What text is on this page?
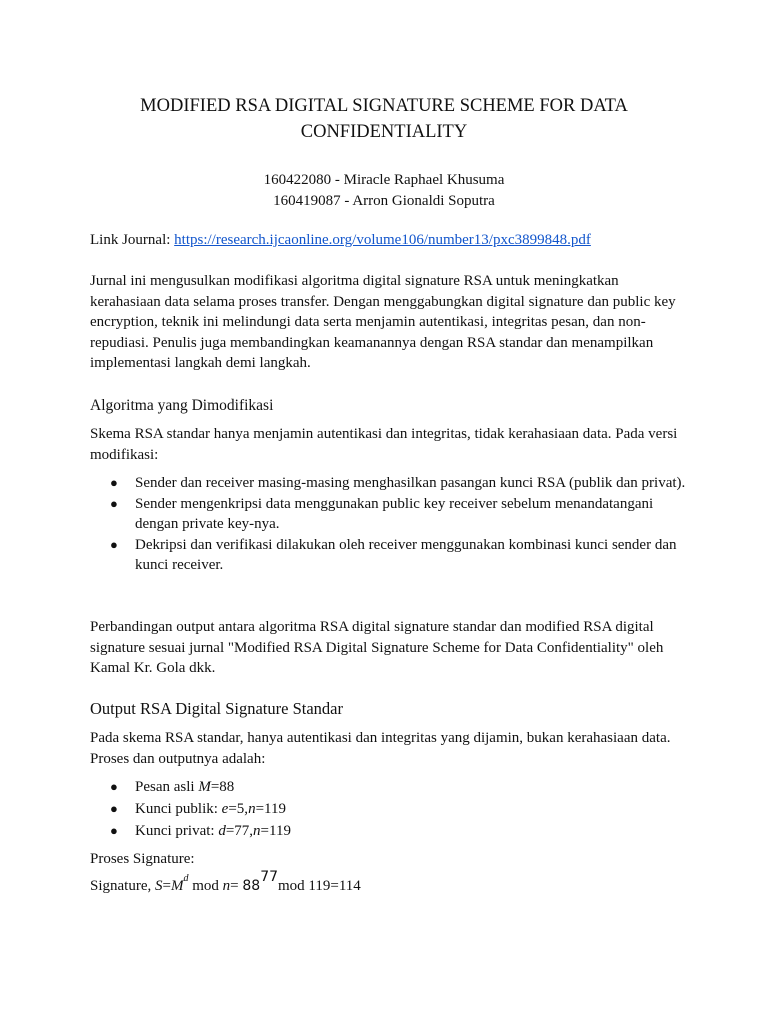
MODIFIED RSA DIGITAL SIGNATURE SCHEME FOR DATA
CONFIDENTIALITY
160422080 - Miracle Raphael Khusuma
160419087 - Arron Gionaldi Soputra

Link Journal: https://research.ijcaonline.org/volume106/number13/pxc3899848.pdf

Jurnal ini mengusulkan modifikasi algoritma digital signature RSA untuk meningkatkan kerahasiaan data selama proses transfer. Dengan menggabungkan digital signature dan public key encryption, teknik ini melindungi data serta menjamin autentikasi, integritas pesan, dan non-repudiasi. Penulis juga membandingkan keamanannya dengan RSA standar dan menampilkan implementasi langkah demi langkah.

Algoritma yang Dimodifikasi

Skema RSA standar hanya menjamin autentikasi dan integritas, tidak kerahasiaan data. Pada versi modifikasi:

● Sender dan receiver masing-masing menghasilkan pasangan kunci RSA (publik dan privat).
● Sender mengenkripsi data menggunakan public key receiver sebelum menandatangani dengan private key-nya.
● Dekripsi dan verifikasi dilakukan oleh receiver menggunakan kombinasi kunci sender dan kunci receiver.

Perbandingan output antara algoritma RSA digital signature standar dan modified RSA digital signature sesuai jurnal "Modified RSA Digital Signature Scheme for Data Confidentiality" oleh Kamal Kr. Gola dkk.

Output RSA Digital Signature Standar

Pada skema RSA standar, hanya autentikasi dan integritas yang dijamin, bukan kerahasiaan data. Proses dan outputnya adalah:

● Pesan asli M=88
● Kunci publik: e=5,n=119
● Kunci privat: d=77,n=119

Proses Signature:

Signature, $S=M^d$ mod n= 8877mod 119=114
